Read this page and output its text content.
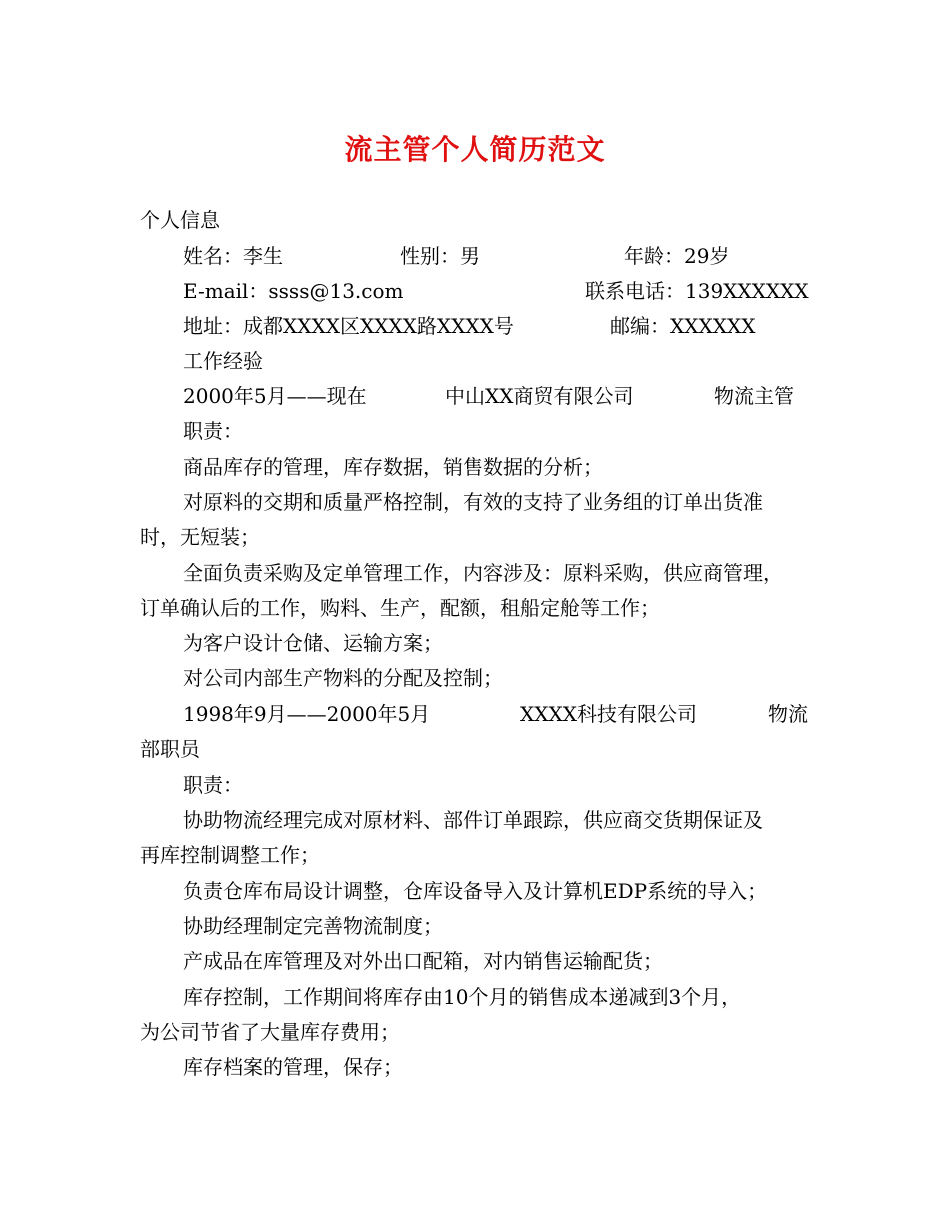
流主管个人简历范文
个人信息
姓名：李生	性别：男	年龄：29岁
E-mail：ssss@13.com	联系电话：139XXXXXX
地址：成都XXXX区XXXX路XXXX号	邮编：XXXXXX
工作经验
2000年5月——现在	中山XX商贸有限公司	物流主管
职责：
商品库存的管理，库存数据，销售数据的分析；
对原料的交期和质量严格控制，有效的支持了业务组的订单出货准
时，无短装；
全面负责采购及定单管理工作，内容涉及：原料采购，供应商管理，
订单确认后的工作，购料、生产，配额，租船定舱等工作；
为客户设计仓储、运输方案；
对公司内部生产物料的分配及控制；
1998年9月——2000年5月	XXXX科技有限公司	物流
部职员
职责：
协助物流经理完成对原材料、部件订单跟踪，供应商交货期保证及
再库控制调整工作；
负责仓库布局设计调整，仓库设备导入及计算机EDP系统的导入；
协助经理制定完善物流制度；
产成品在库管理及对外出口配箱，对内销售运输配货；
库存控制，工作期间将库存由10个月的销售成本递减到3个月，
为公司节省了大量库存费用；
库存档案的管理，保存；
